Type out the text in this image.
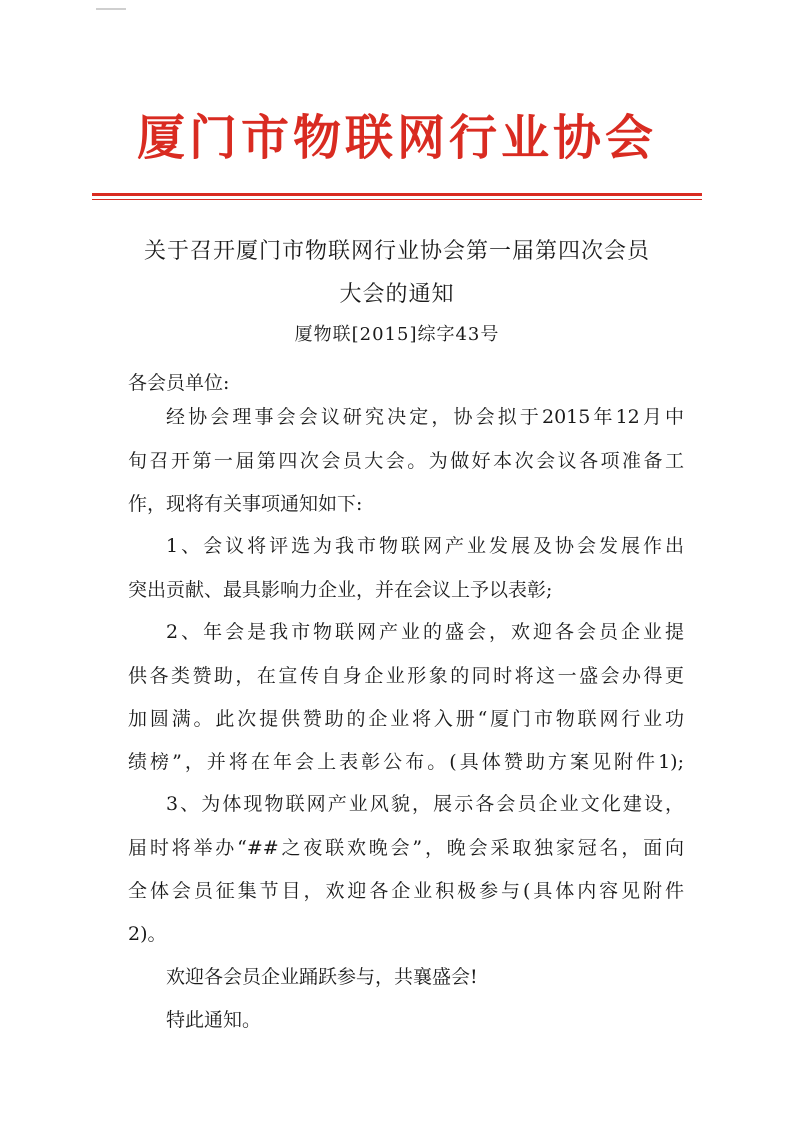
厦门市物联网行业协会
关于召开厦门市物联网行业协会第一届第四次会员
大会的通知
厦物联[2015]综字43号
各会员单位:
经协会理事会会议研究决定，协会拟于2015年12月中
旬召开第一届第四次会员大会。为做好本次会议各项准备工
作，现将有关事项通知如下:
1、会议将评选为我市物联网产业发展及协会发展作出
突出贡献、最具影响力企业，并在会议上予以表彰;
2、年会是我市物联网产业的盛会，欢迎各会员企业提
供各类赞助，在宣传自身企业形象的同时将这一盛会办得更
加圆满。此次提供赞助的企业将入册“厦门市物联网行业功
绩榜”，并将在年会上表彰公布。(具体赞助方案见附件1);
3、为体现物联网产业风貌，展示各会员企业文化建设，
届时将举办“##之夜联欢晚会”，晚会采取独家冠名，面向
全体会员征集节目，欢迎各企业积极参与(具体内容见附件
2)。
欢迎各会员企业踊跃参与，共襄盛会!
特此通知。
